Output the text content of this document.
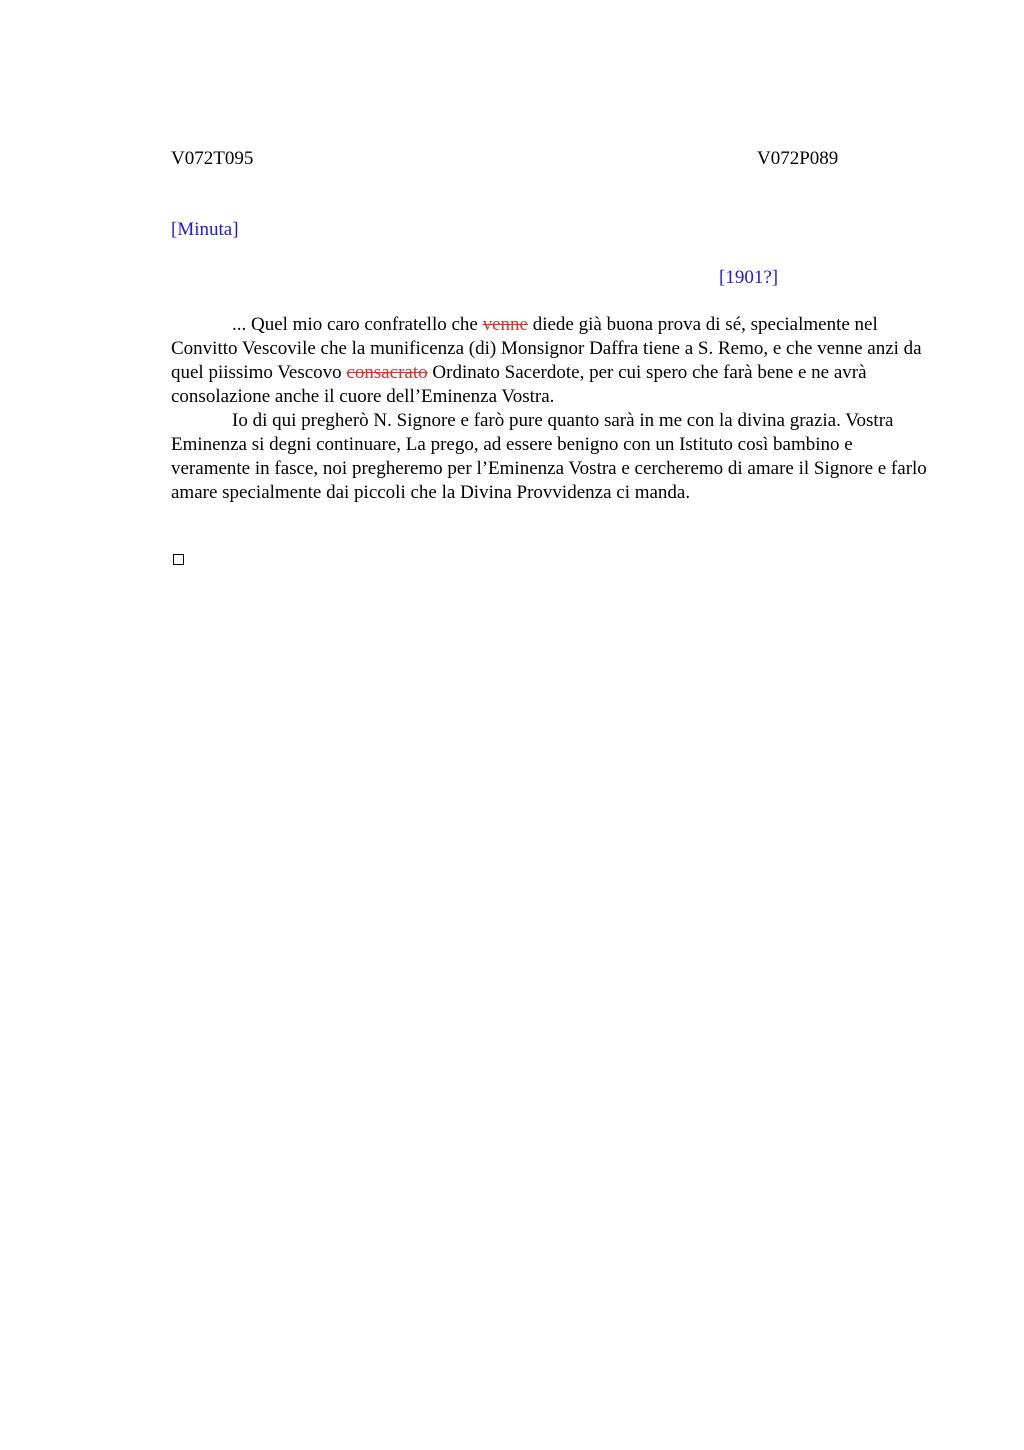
V072T095	V072P089
[Minuta]
[1901?]

... Quel mio caro confratello che venne diede già buona prova di sé, specialmente nel Convitto Vescovile che la munificenza (di) Monsignor Daffra tiene a S. Remo, e che venne anzi da quel piissimo Vescovo consacrato Ordinato Sacerdote, per cui spero che farà bene e ne avrà consolazione anche il cuore dell’Eminenza Vostra.

Io di qui pregherò N. Signore e farò pure quanto sarà in me con la divina grazia. Vostra Eminenza si degni continuare, La prego, ad essere benigno con un Istituto così bambino e veramente in fasce, noi pregheremo per l’Eminenza Vostra e cercheremo di amare il Signore e farlo amare specialmente dai piccoli che la Divina Provvidenza ci manda.
